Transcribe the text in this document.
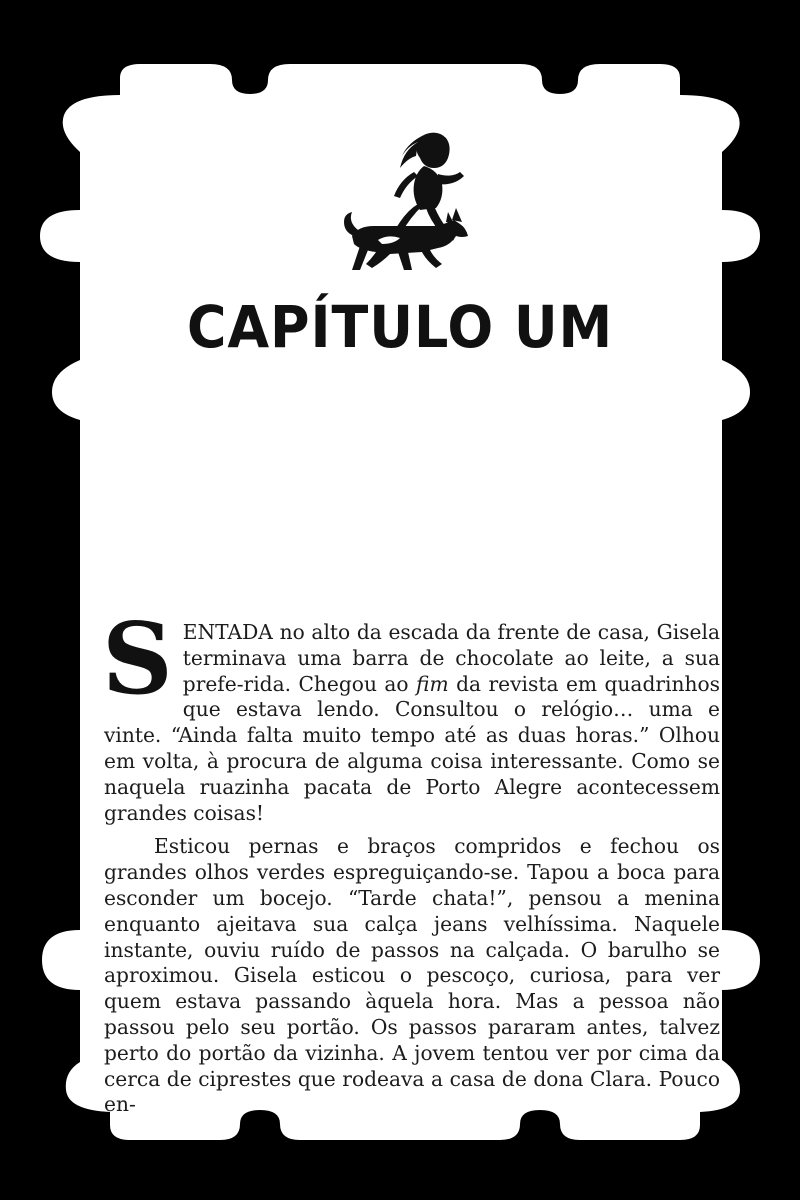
CAPÍTULO UM

SENTADA no alto da escada da frente de casa, Gisela terminava uma barra de chocolate ao leite, a sua prefe-rida. Chegou ao fim da revista em quadrinhos que estava lendo. Consultou o relógio… uma e vinte. “Ainda falta muito tempo até as duas horas.” Olhou em volta, à procura de alguma coisa interessante. Como se naquela ruazinha pacata de Porto Alegre acontecessem grandes coisas!

Esticou pernas e braços compridos e fechou os grandes olhos verdes espreguiçando-se. Tapou a boca para esconder um bocejo. “Tarde chata!”, pensou a menina enquanto ajeitava sua calça jeans velhíssima. Naquele instante, ouviu ruído de passos na calçada. O barulho se aproximou. Gisela esticou o pescoço, curiosa, para ver quem estava passando àquela hora. Mas a pessoa não passou pelo seu portão. Os passos pararam antes, talvez perto do portão da vizinha. A jovem tentou ver por cima da cerca de ciprestes que rodeava a casa de dona Clara. Pouco en-
